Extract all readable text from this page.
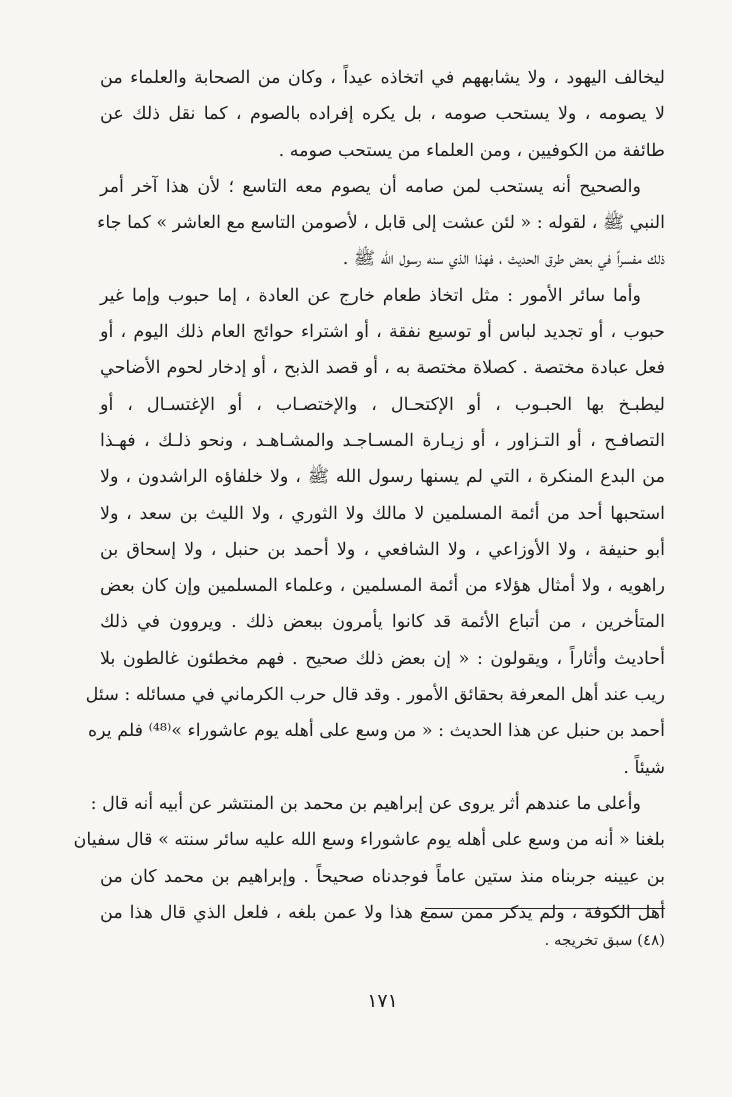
ليخالف اليهود ، ولا يشابههم في اتخاذه عيداً ، وكان من الصحابة والعلماء من
لا يصومه ، ولا يستحب صومه ، بل يكره إفراده بالصوم ، كما نقل ذلك عن
طائفة من الكوفيين ، ومن العلماء من يستحب صومه .
والصحيح أنه يستحب لمن صامه أن يصوم معه التاسع ؛ لأن هذا آخر أمر
النبي ﷺ ، لقوله : « لئن عشت إلى قابل ، لأصومن التاسع مع العاشر » كما جاء
ذلك مفسراً في بعض طرق الحديث ، فهذا الذي سنه رسول الله ﷺ .
وأما سائر الأمور : مثل اتخاذ طعام خارج عن العادة ، إما حبوب وإما غير
حبوب ، أو تجديد لباس أو توسيع نفقة ، أو اشتراء حوائج العام ذلك اليوم ، أو
فعل عبادة مختصة . كصلاة مختصة به ، أو قصد الذبح ، أو إدخار لحوم الأضاحي
ليطبـخ بها الحبـوب ، أو الإكتحـال ، والإختصـاب ، أو الإغتسـال ، أو
التصافـح ، أو التـزاور ، أو زيـارة المسـاجـد والمشـاهـد ، ونحو ذلـك ، فهـذا
من البدع المنكرة ، التي لم يسنها رسول الله ﷺ ، ولا خلفاؤه الراشدون ، ولا
استحبها أحد من أئمة المسلمين لا مالك ولا الثوري ، ولا الليث بن سعد ، ولا
أبو حنيفة ، ولا الأوزاعي ، ولا الشافعي ، ولا أحمد بن حنبل ، ولا إسحاق بن
راهويه ، ولا أمثال هؤلاء من أئمة المسلمين ، وعلماء المسلمين وإن كان بعض
المتأخرين ، من أتباع الأئمة قد كانوا يأمرون ببعض ذلك . ويروون في ذلك
أحاديث وأثاراً ، ويقولون : « إن بعض ذلك صحيح . فهم مخطئون غالطون بلا
ريب عند أهل المعرفة بحقائق الأمور . وقد قال حرب الكرماني في مسائله : سئل
أحمد بن حنبل عن هذا الحديث : « من وسع على أهله يوم عاشوراء »⁽⁴⁸⁾ فلم يره
شيئاً .
وأعلى ما عندهم أثر يروى عن إبراهيم بن محمد بن المنتشر عن أبيه أنه قال :
بلغنا « أنه من وسع على أهله يوم عاشوراء وسع الله عليه سائر سنته » قال سفيان
بن عيينه جربناه منذ ستين عاماً فوجدناه صحيحاً . وإبراهيم بن محمد كان من
أهل الكوفة ، ولم يذكر ممن سمع هذا ولا عمن بلغه ، فلعل الذي قال هذا من
(٤٨) سبق تخريجه .
١٧١
